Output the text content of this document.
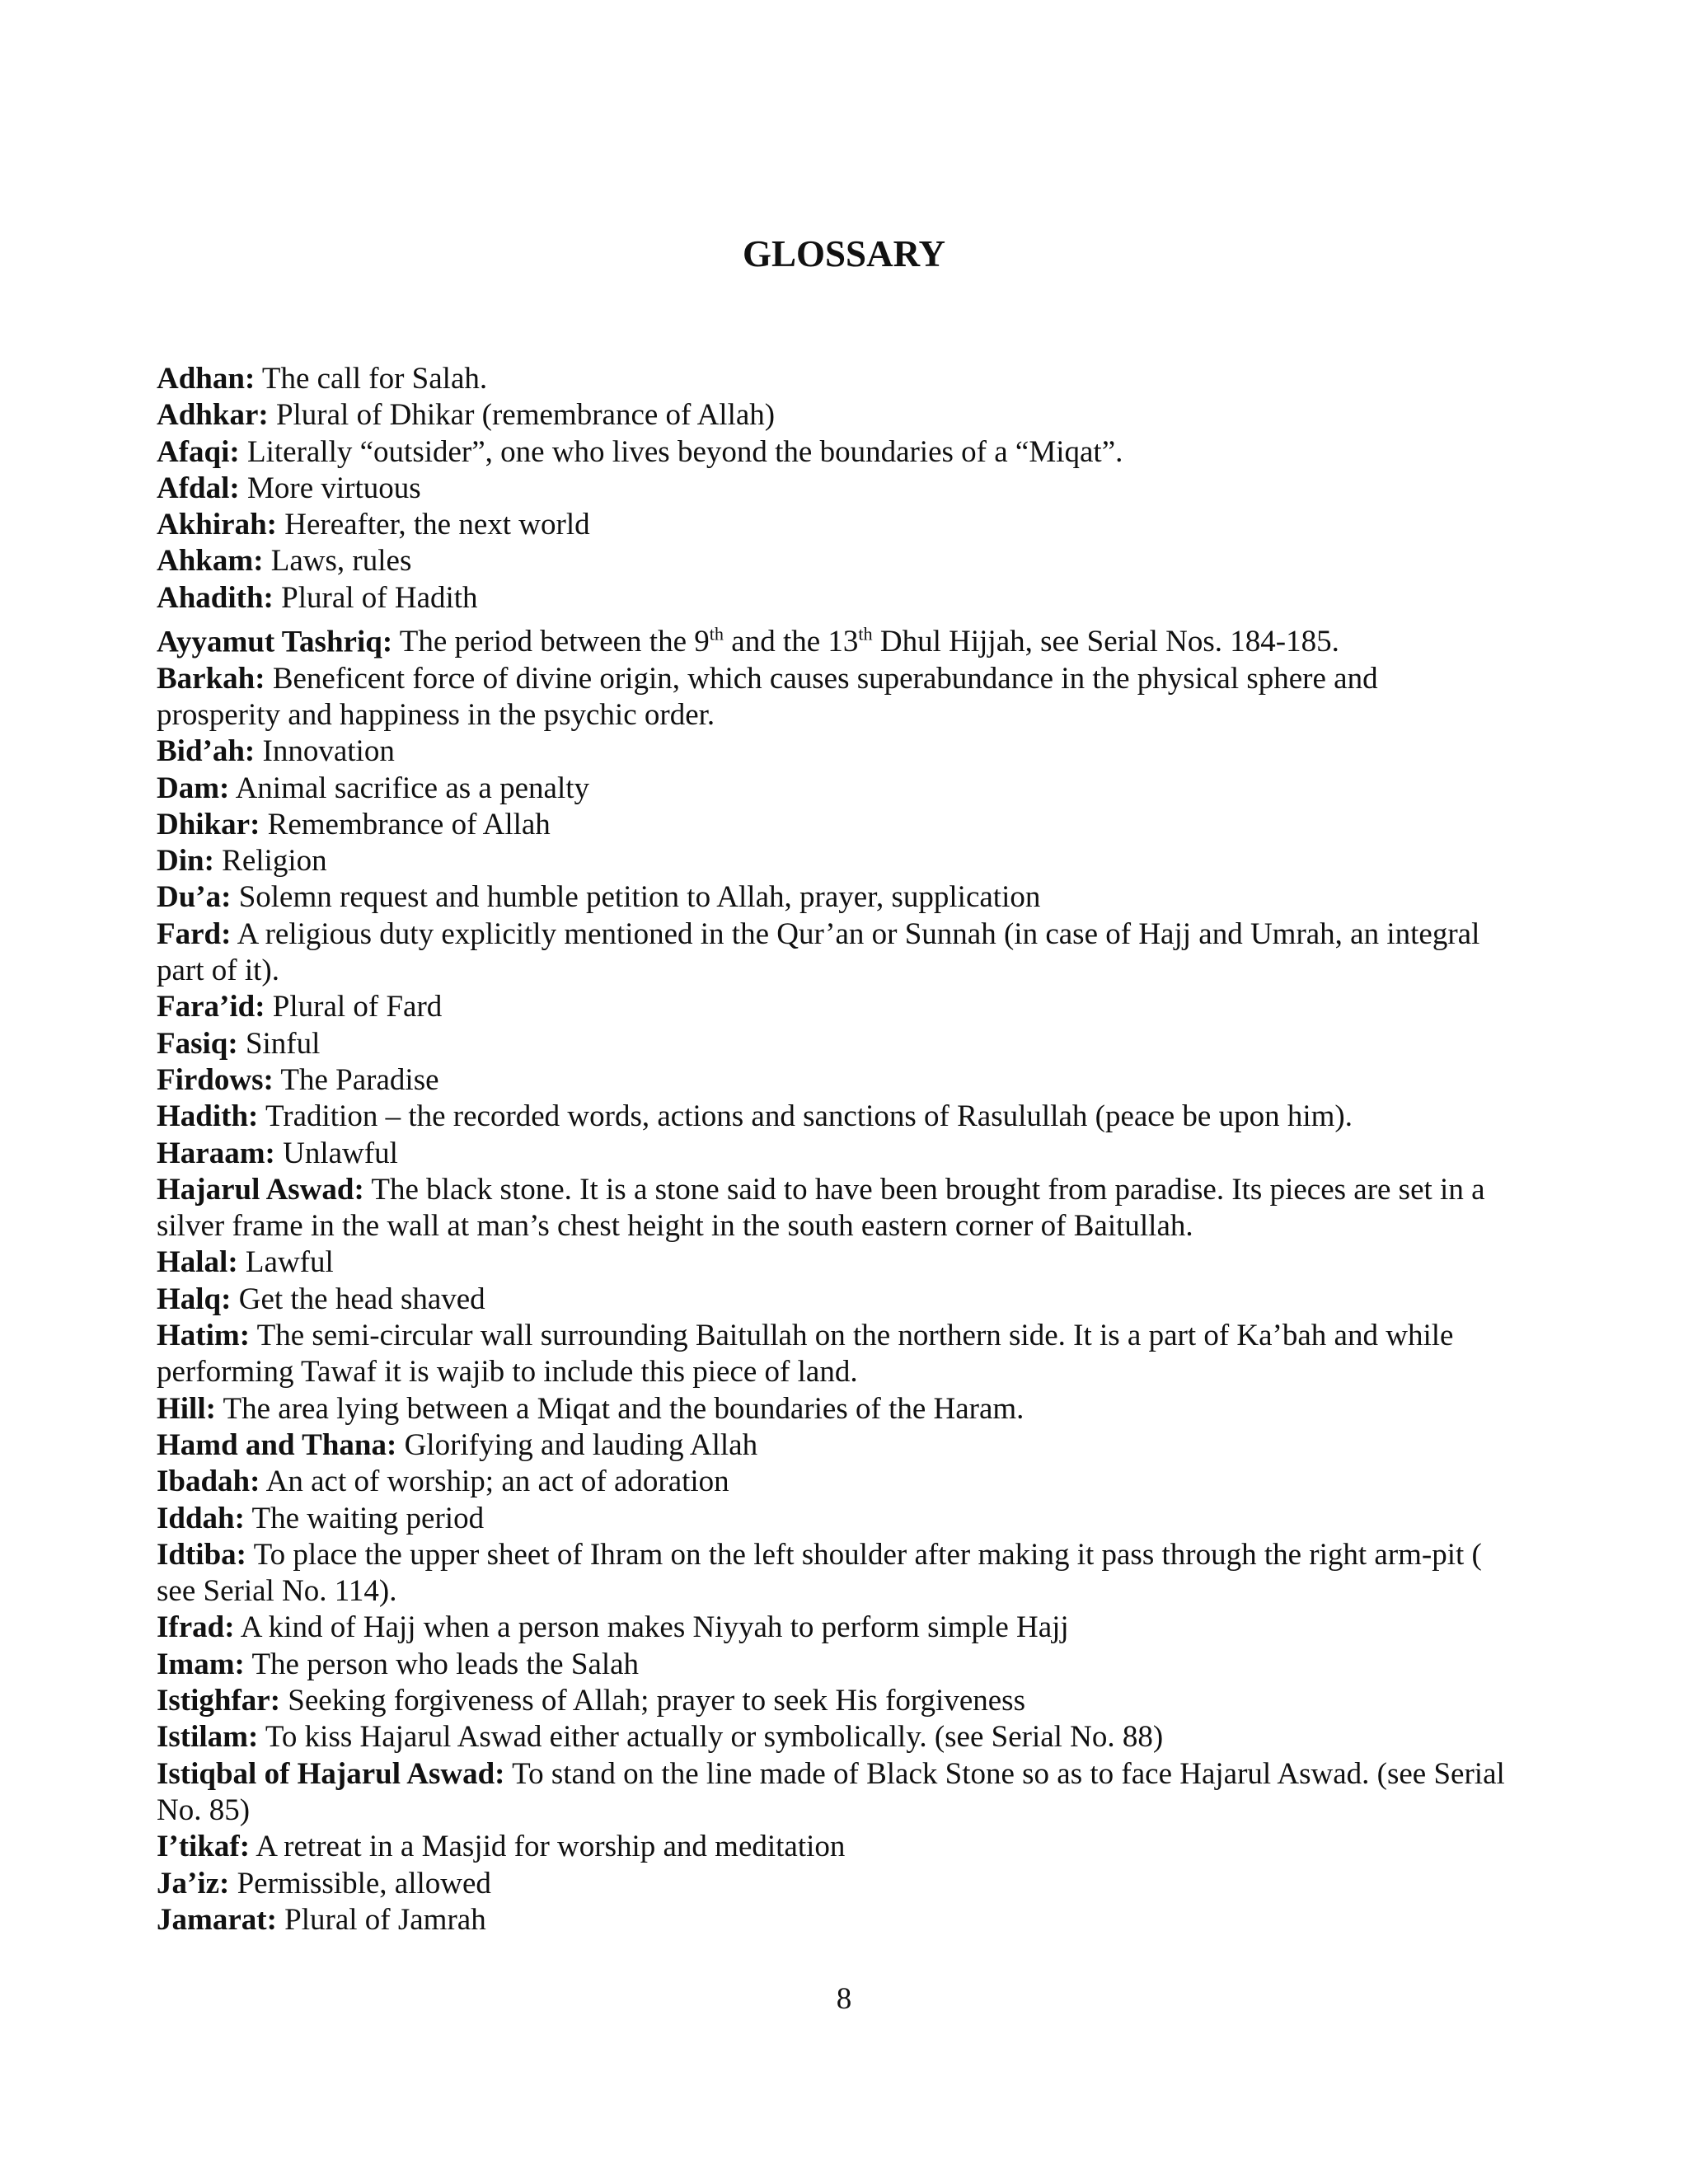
GLOSSARY
Adhan: The call for Salah.
Adhkar: Plural of Dhikar (remembrance of Allah)
Afaqi: Literally “outsider”, one who lives beyond the boundaries of a “Miqat”.
Afdal: More virtuous
Akhirah: Hereafter, the next world
Ahkam: Laws, rules
Ahadith: Plural of Hadith
Ayyamut Tashriq: The period between the 9th and the 13th Dhul Hijjah, see Serial Nos. 184-185.
Barkah: Beneficent force of divine origin, which causes superabundance in the physical sphere and prosperity and happiness in the psychic order.
Bid’ah: Innovation
Dam: Animal sacrifice as a penalty
Dhikar: Remembrance of Allah
Din: Religion
Du’a: Solemn request and humble petition to Allah, prayer, supplication
Fard: A religious duty explicitly mentioned in the Qur’an or Sunnah (in case of Hajj and Umrah, an integral part of it).
Fara’id: Plural of Fard
Fasiq: Sinful
Firdows: The Paradise
Hadith: Tradition – the recorded words, actions and sanctions of Rasulullah (peace be upon him).
Haraam: Unlawful
Hajarul Aswad: The black stone. It is a stone said to have been brought from paradise. Its pieces are set in a silver frame in the wall at man’s chest height in the south eastern corner of Baitullah.
Halal: Lawful
Halq: Get the head shaved
Hatim: The semi-circular wall surrounding Baitullah on the northern side. It is a part of Ka’bah and while performing Tawaf it is wajib to include this piece of land.
Hill: The area lying between a Miqat and the boundaries of the Haram.
Hamd and Thana: Glorifying and lauding Allah
Ibadah: An act of worship; an act of adoration
Iddah: The waiting period
Idtiba: To place the upper sheet of Ihram on the left shoulder after making it pass through the right arm-pit ( see Serial No. 114).
Ifrad: A kind of Hajj when a person makes Niyyah to perform simple Hajj
Imam: The person who leads the Salah
Istighfar: Seeking forgiveness of Allah; prayer to seek His forgiveness
Istilam: To kiss Hajarul Aswad either actually or symbolically. (see Serial No. 88)
Istiqbal of Hajarul Aswad: To stand on the line made of Black Stone so as to face Hajarul Aswad. (see Serial No. 85)
I’tikaf: A retreat in a Masjid for worship and meditation
Ja’iz: Permissible, allowed
Jamarat: Plural of Jamrah
8
